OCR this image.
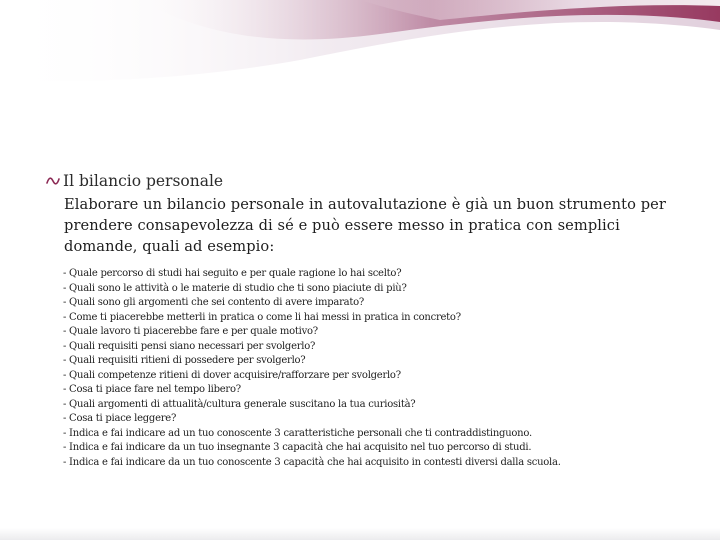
Il bilancio personale
Elaborare un bilancio personale in autovalutazione è già un buon strumento per prendere consapevolezza di sé e può essere messo in pratica con semplici domande, quali ad esempio:
- Quale percorso di studi hai seguito e per quale ragione lo hai scelto?
- Quali sono le attività o le materie di studio che ti sono piaciute di più?
- Quali sono gli argomenti che sei contento di avere imparato?
- Come ti piacerebbe metterli in pratica o come li hai messi in pratica in concreto?
- Quale lavoro ti piacerebbe fare e per quale motivo?
- Quali requisiti pensi siano necessari per svolgerlo?
- Quali requisiti ritieni di possedere per svolgerlo?
- Quali competenze ritieni di dover acquisire/rafforzare per svolgerlo?
- Cosa ti piace fare nel tempo libero?
- Quali argomenti di attualità/cultura generale suscitano la tua curiosità?
- Cosa ti piace leggere?
- Indica e fai indicare ad un tuo conoscente 3 caratteristiche personali che ti contraddistinguono.
- Indica e fai indicare da un tuo insegnante 3 capacità che hai acquisito nel tuo percorso di studi.
- Indica e fai indicare da un tuo conoscente 3 capacità che hai acquisito in contesti diversi dalla scuola.
